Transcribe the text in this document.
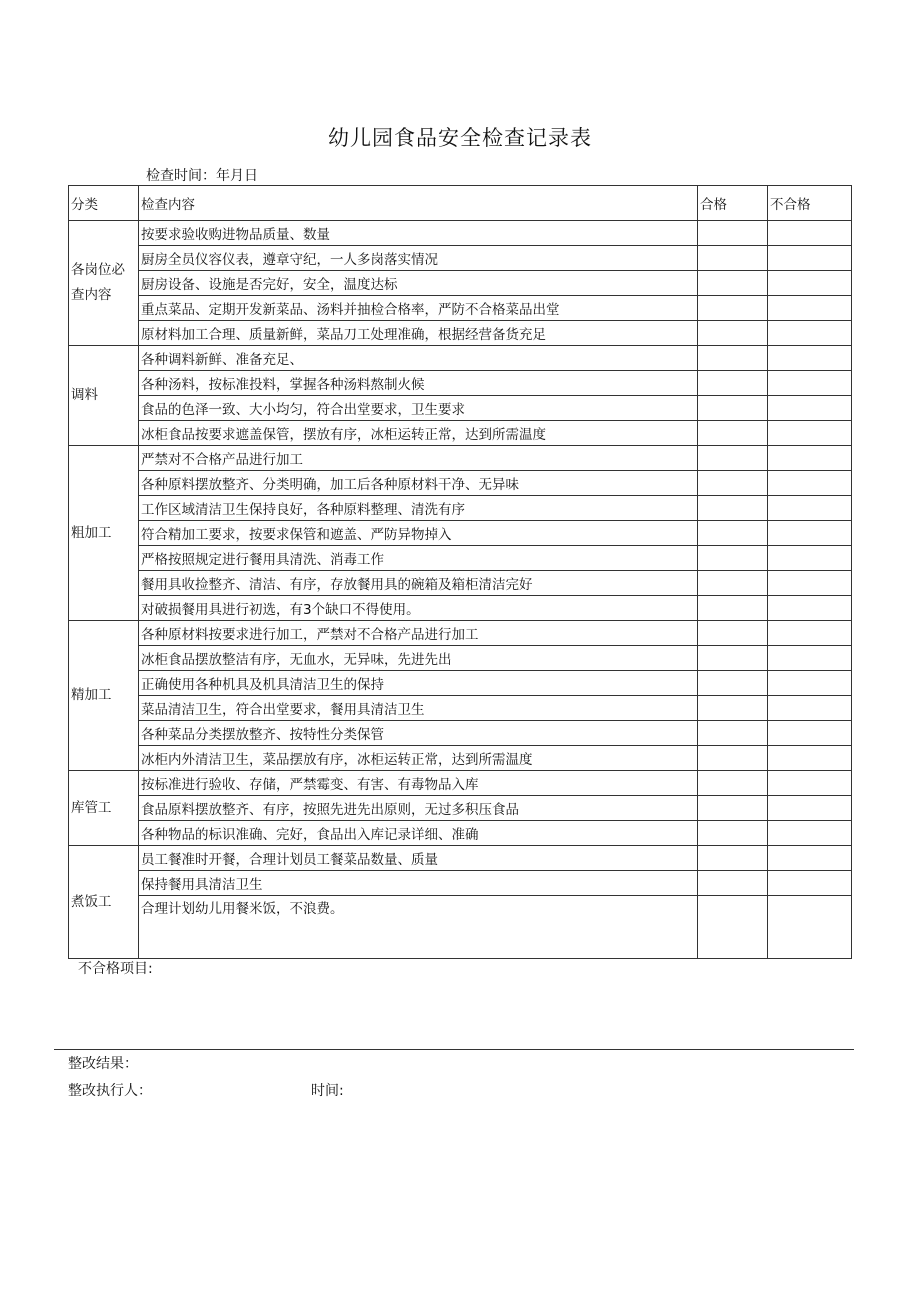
幼儿园食品安全检查记录表
检查时间：年月日
分类	检查内容	合格	不合格
各岗位必查内容	按要求验收购进物品质量、数量		
	厨房全员仪容仪表，遵章守纪，一人多岗落实情况		
	厨房设备、设施是否完好，安全，温度达标		
	重点菜品、定期开发新菜品、汤料并抽检合格率，严防不合格菜品出堂		
	原材料加工合理、质量新鲜，菜品刀工处理准确，根据经营备货充足		
调料	各种调料新鲜、准备充足、		
	各种汤料，按标准投料，掌握各种汤料熬制火候		
	食品的色泽一致、大小均匀，符合出堂要求，卫生要求		
	冰柜食品按要求遮盖保管，摆放有序，冰柜运转正常，达到所需温度		
粗加工	严禁对不合格产品进行加工		
	各种原料摆放整齐、分类明确，加工后各种原材料干净、无异味		
	工作区域清洁卫生保持良好，各种原料整理、清洗有序		
	符合精加工要求，按要求保管和遮盖、严防异物掉入		
	严格按照规定进行餐用具清洗、消毒工作		
	餐用具收捡整齐、清洁、有序，存放餐用具的碗箱及箱柜清洁完好		
	对破损餐用具进行初选，有3个缺口不得使用。		
精加工	各种原材料按要求进行加工，严禁对不合格产品进行加工		
	冰柜食品摆放整洁有序，无血水，无异味，先进先出		
	正确使用各种机具及机具清洁卫生的保持		
	菜品清洁卫生，符合出堂要求，餐用具清洁卫生		
	各种菜品分类摆放整齐、按特性分类保管		
	冰柜内外清洁卫生，菜品摆放有序，冰柜运转正常，达到所需温度		
库管工	按标准进行验收、存储，严禁霉变、有害、有毒物品入库		
	食品原料摆放整齐、有序，按照先进先出原则，无过多积压食品		
	各种物品的标识准确、完好，食品出入库记录详细、准确		
煮饭工	员工餐准时开餐，合理计划员工餐菜品数量、质量		
	保持餐用具清洁卫生		
	合理计划幼儿用餐米饭，不浪费。		
不合格项目:
整改结果：
整改执行人：	时间:
